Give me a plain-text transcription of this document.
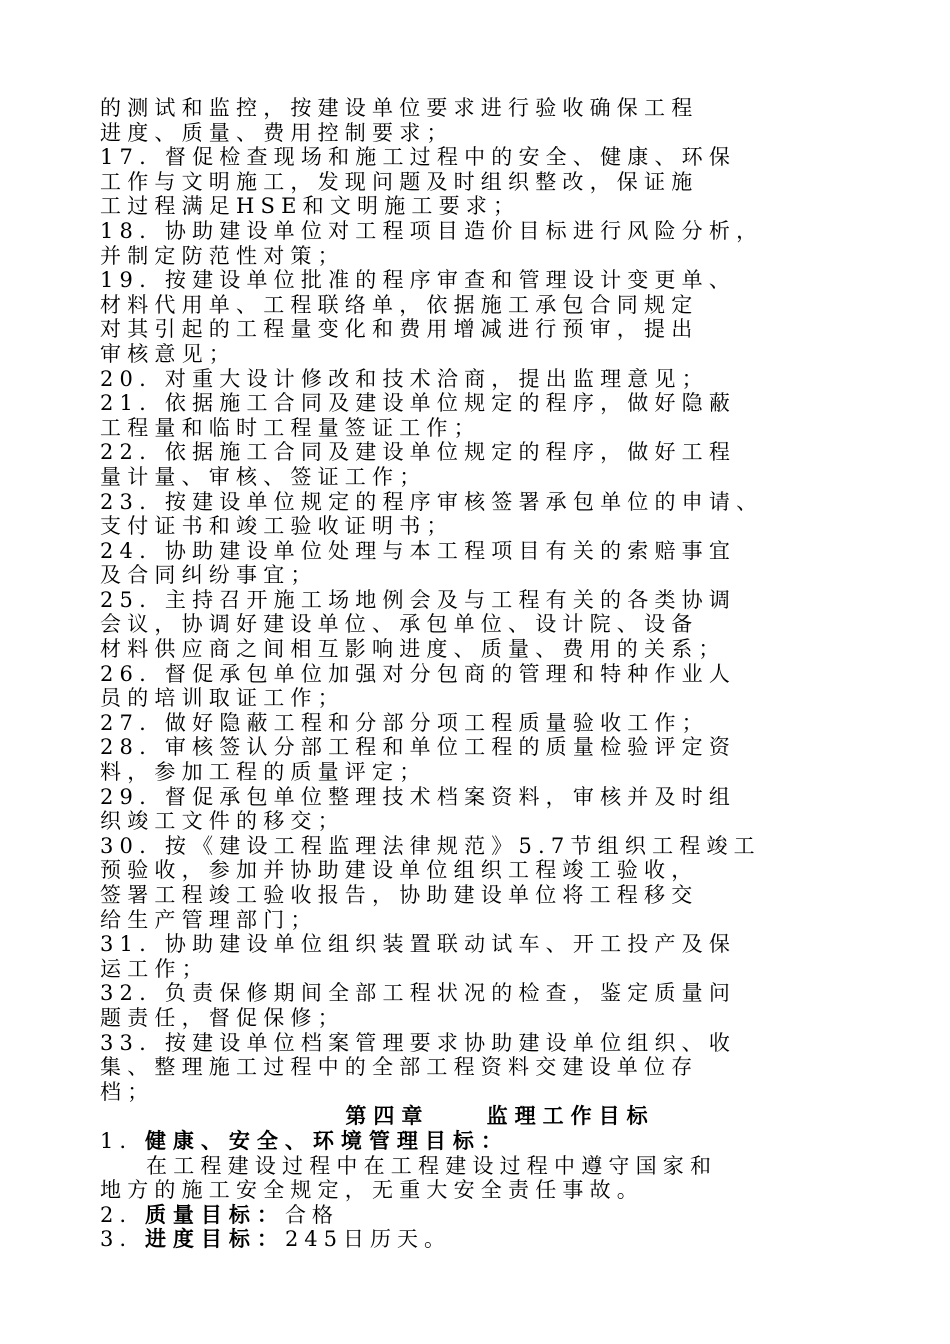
的测试和监控，按建设单位要求进行验收确保工程
进度、质量、费用控制要求；
17. 督促检查现场和施工过程中的安全、健康、环保
工作与文明施工，发现问题及时组织整改，保证施
工过程满足HSE和文明施工要求；
18. 协助建设单位对工程项目造价目标进行风险分析，
并制定防范性对策；
19. 按建设单位批准的程序审查和管理设计变更单、
材料代用单、工程联络单，依据施工承包合同规定
对其引起的工程量变化和费用增减进行预审，提出
审核意见；
20. 对重大设计修改和技术洽商，提出监理意见；
21. 依据施工合同及建设单位规定的程序，做好隐蔽
工程量和临时工程量签证工作；
22. 依据施工合同及建设单位规定的程序，做好工程
量计量、审核、签证工作；
23. 按建设单位规定的程序审核签署承包单位的申请、
支付证书和竣工验收证明书；
24. 协助建设单位处理与本工程项目有关的索赔事宜
及合同纠纷事宜；
25. 主持召开施工场地例会及与工程有关的各类协调
会议，协调好建设单位、承包单位、设计院、设备
材料供应商之间相互影响进度、质量、费用的关系；
26. 督促承包单位加强对分包商的管理和特种作业人
员的培训取证工作；
27. 做好隐蔽工程和分部分项工程质量验收工作；
28. 审核签认分部工程和单位工程的质量检验评定资
料，参加工程的质量评定；
29. 督促承包单位整理技术档案资料，审核并及时组
织竣工文件的移交；
30. 按《建设工程监理法律规范》5.7节组织工程竣工
预验收，参加并协助建设单位组织工程竣工验收，
签署工程竣工验收报告，协助建设单位将工程移交
给生产管理部门；
31. 协助建设单位组织装置联动试车、开工投产及保
运工作；
32. 负责保修期间全部工程状况的检查，鉴定质量问
题责任，督促保修；
33. 按建设单位档案管理要求协助建设单位组织、收
集、整理施工过程中的全部工程资料交建设单位存
档；
第四章	监理工作目标
1. 健康、安全、环境管理目标：
在工程建设过程中在工程建设过程中遵守国家和
地方的施工安全规定，无重大安全责任事故。
2. 质量目标：合格
3. 进度目标：245日历天。
